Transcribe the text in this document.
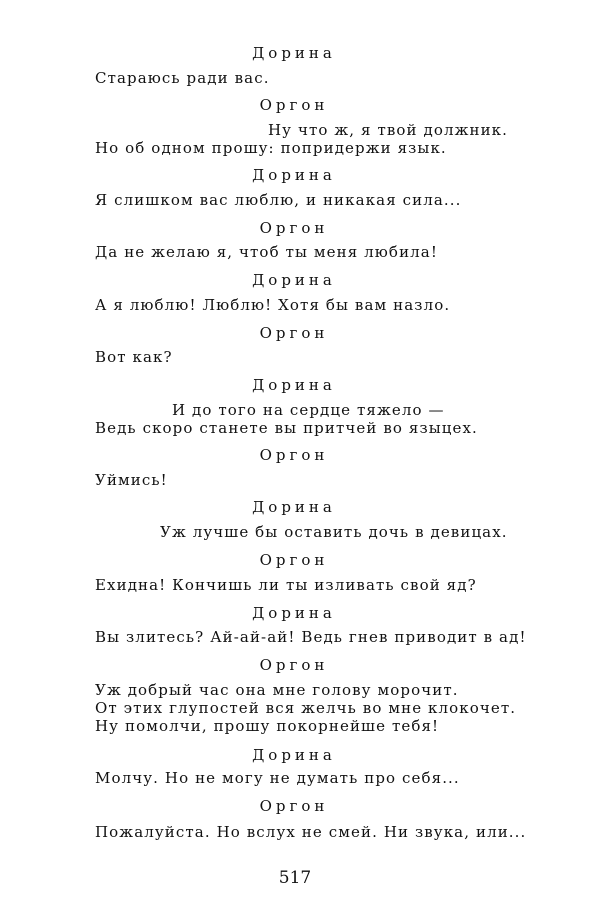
517
Дорина
Стараюсь ради вас.
Оргон
Ну что ж, я твой должник.
Но об одном прошу: попридержи язык.
Дорина
Я слишком вас люблю, и никакая сила...
Оргон
Да не желаю я, чтоб ты меня любила!
Дорина
А я люблю! Люблю! Хотя бы вам назло.
Оргон
Вот как?
Дорина
И до того на сердце тяжело —
Ведь скоро станете вы притчей во языцех.
Оргон
Уймись!
Дорина
Уж лучше бы оставить дочь в девицах.
Оргон
Ехидна! Кончишь ли ты изливать свой яд?
Дорина
Вы злитесь? Ай-ай-ай! Ведь гнев приводит в ад!
Оргон
Уж добрый час она мне голову морочит.
От этих глупостей вся желчь во мне клокочет.
Ну помолчи, прошу покорнейше тебя!
Дорина
Молчу. Но не могу не думать про себя...
Оргон
Пожалуйста. Но вслух не смей. Ни звука, или...
